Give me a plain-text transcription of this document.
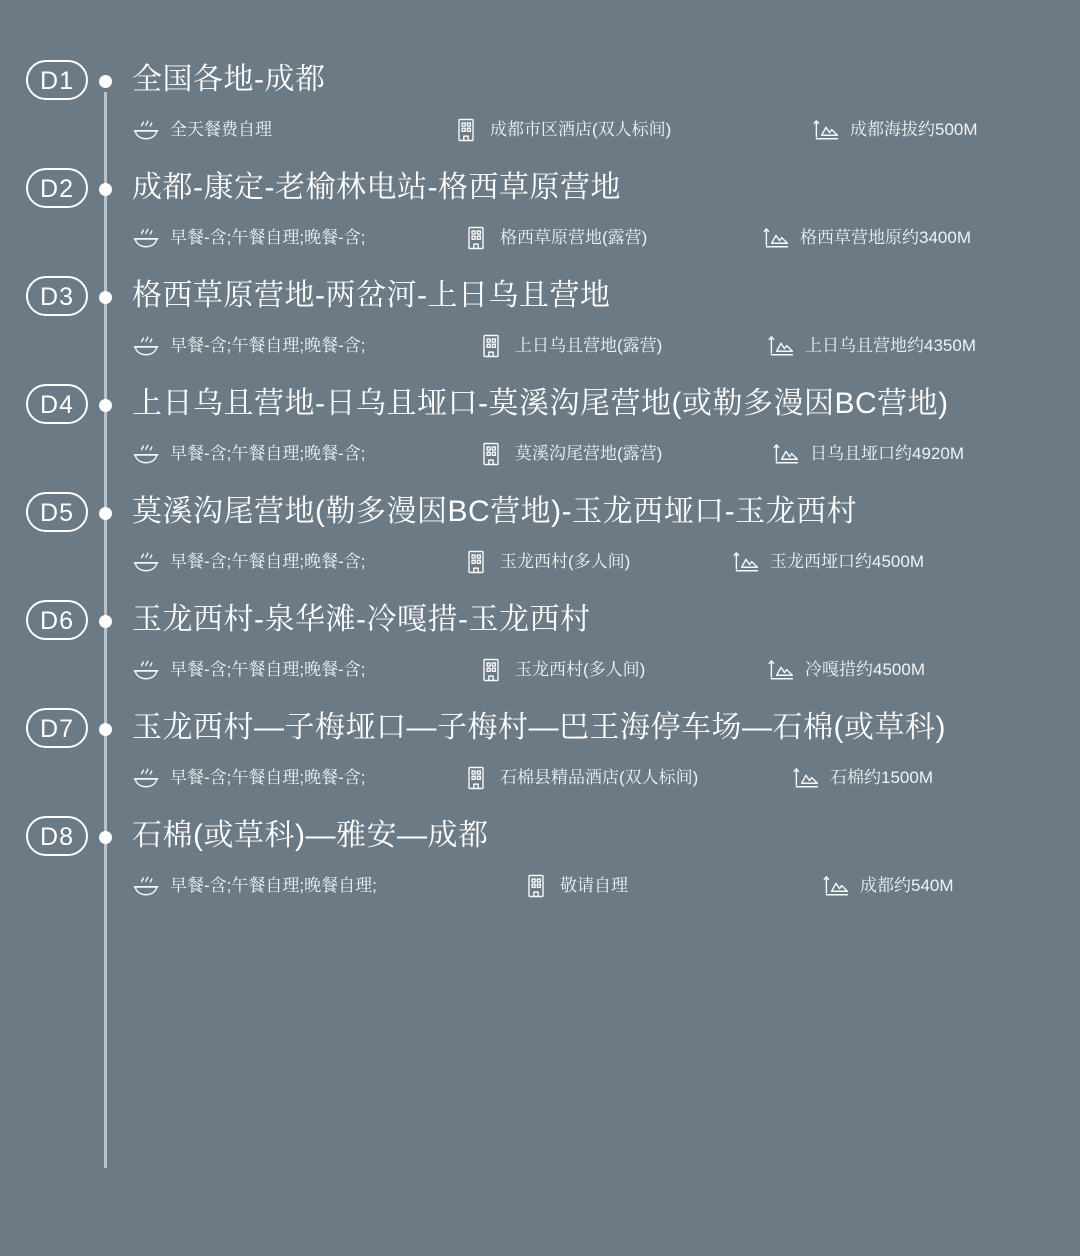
D1	全国各地-成都
全天餐费自理	成都市区酒店(双人标间)	成都海拔约500M
D2	成都-康定-老榆林电站-格西草原营地
早餐-含;午餐自理;晚餐-含;	格西草原营地(露营)	格西草营地原约3400M
D3	格西草原营地-两岔河-上日乌且营地
早餐-含;午餐自理;晚餐-含;	上日乌且营地(露营)	上日乌且营地约4350M
D4	上日乌且营地-日乌且垭口-莫溪沟尾营地(或勒多漫因BC营地)
早餐-含;午餐自理;晚餐-含;	莫溪沟尾营地(露营)	日乌且垭口约4920M
D5	莫溪沟尾营地(勒多漫因BC营地)-玉龙西垭口-玉龙西村
早餐-含;午餐自理;晚餐-含;	玉龙西村(多人间)	玉龙西垭口约4500M
D6	玉龙西村-泉华滩-冷嘎措-玉龙西村
早餐-含;午餐自理;晚餐-含;	玉龙西村(多人间)	冷嘎措约4500M
D7	玉龙西村—子梅垭口—子梅村—巴王海停车场—石棉(或草科)
早餐-含;午餐自理;晚餐-含;	石棉县精品酒店(双人标间)	石棉约1500M
D8	石棉(或草科)—雅安—成都
早餐-含;午餐自理;晚餐自理;	敬请自理	成都约540M
